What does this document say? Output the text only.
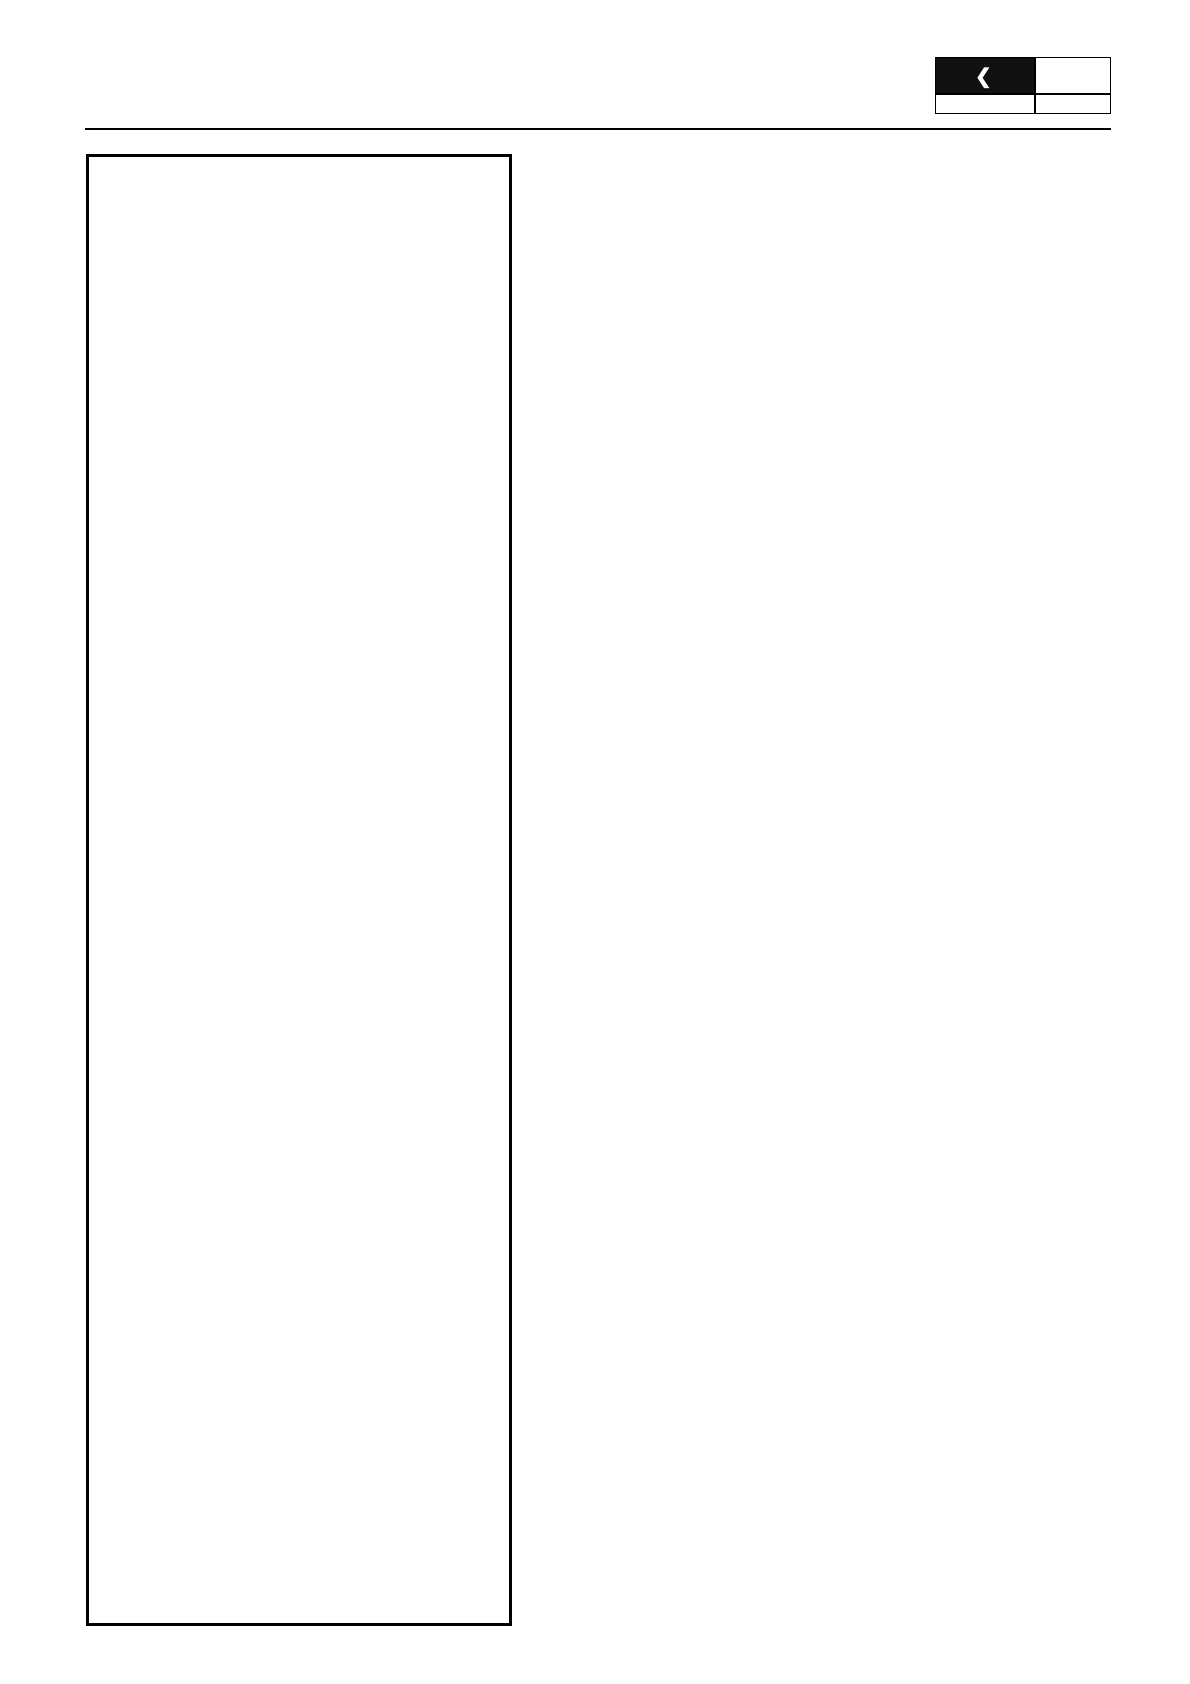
❮
